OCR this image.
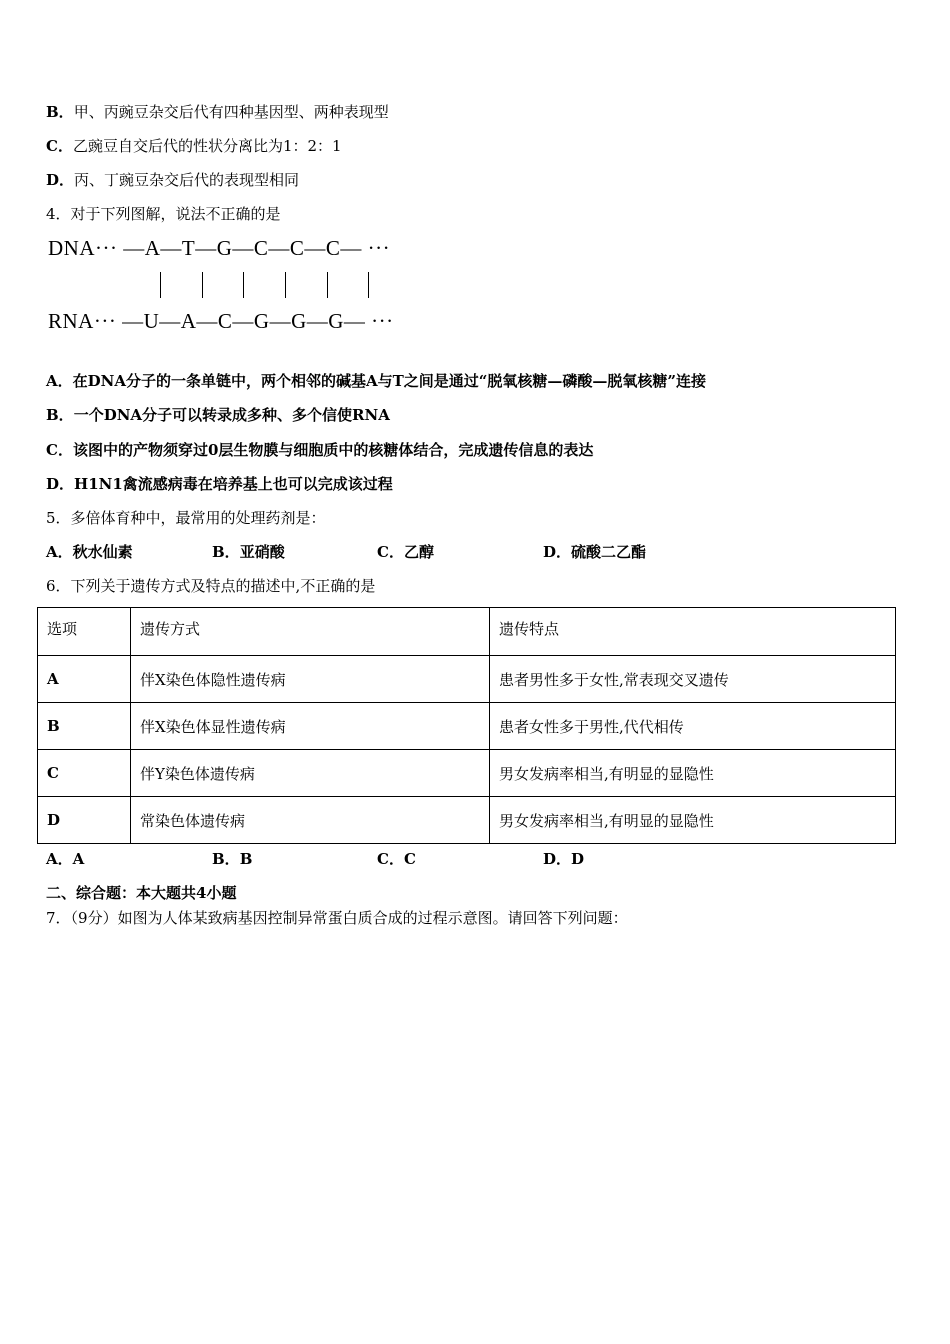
B．甲、丙豌豆杂交后代有四种基因型、两种表现型
C．乙豌豆自交后代的性状分离比为1：2：1
D．丙、丁豌豆杂交后代的表现型相同
4．对于下列图解，说法不正确的是
DNA··· —A—T—G—C—C—C— ···
RNA··· —U—A—C—G—G—G— ···
A．在DNA分子的一条单链中，两个相邻的碱基A与T之间是通过“脱氧核糖—磷酸—脱氧核糖”连接
B．一个DNA分子可以转录成多种、多个信使RNA
C．该图中的产物须穿过0层生物膜与细胞质中的核糖体结合，完成遗传信息的表达
D．H1N1禽流感病毒在培养基上也可以完成该过程
5．多倍体育种中，最常用的处理药剂是：
A．秋水仙素	B．亚硝酸	C．乙醇	D．硫酸二乙酯
6．下列关于遗传方式及特点的描述中,不正确的是
选项	遗传方式	遗传特点
A	伴X染色体隐性遗传病	患者男性多于女性,常表现交叉遗传
B	伴X染色体显性遗传病	患者女性多于男性,代代相传
C	伴Y染色体遗传病	男女发病率相当,有明显的显隐性
D	常染色体遗传病	男女发病率相当,有明显的显隐性
A．A	B．B	C．C	D．D
二、综合题：本大题共4小题
7．（9分）如图为人体某致病基因控制异常蛋白质合成的过程示意图。请回答下列问题：
